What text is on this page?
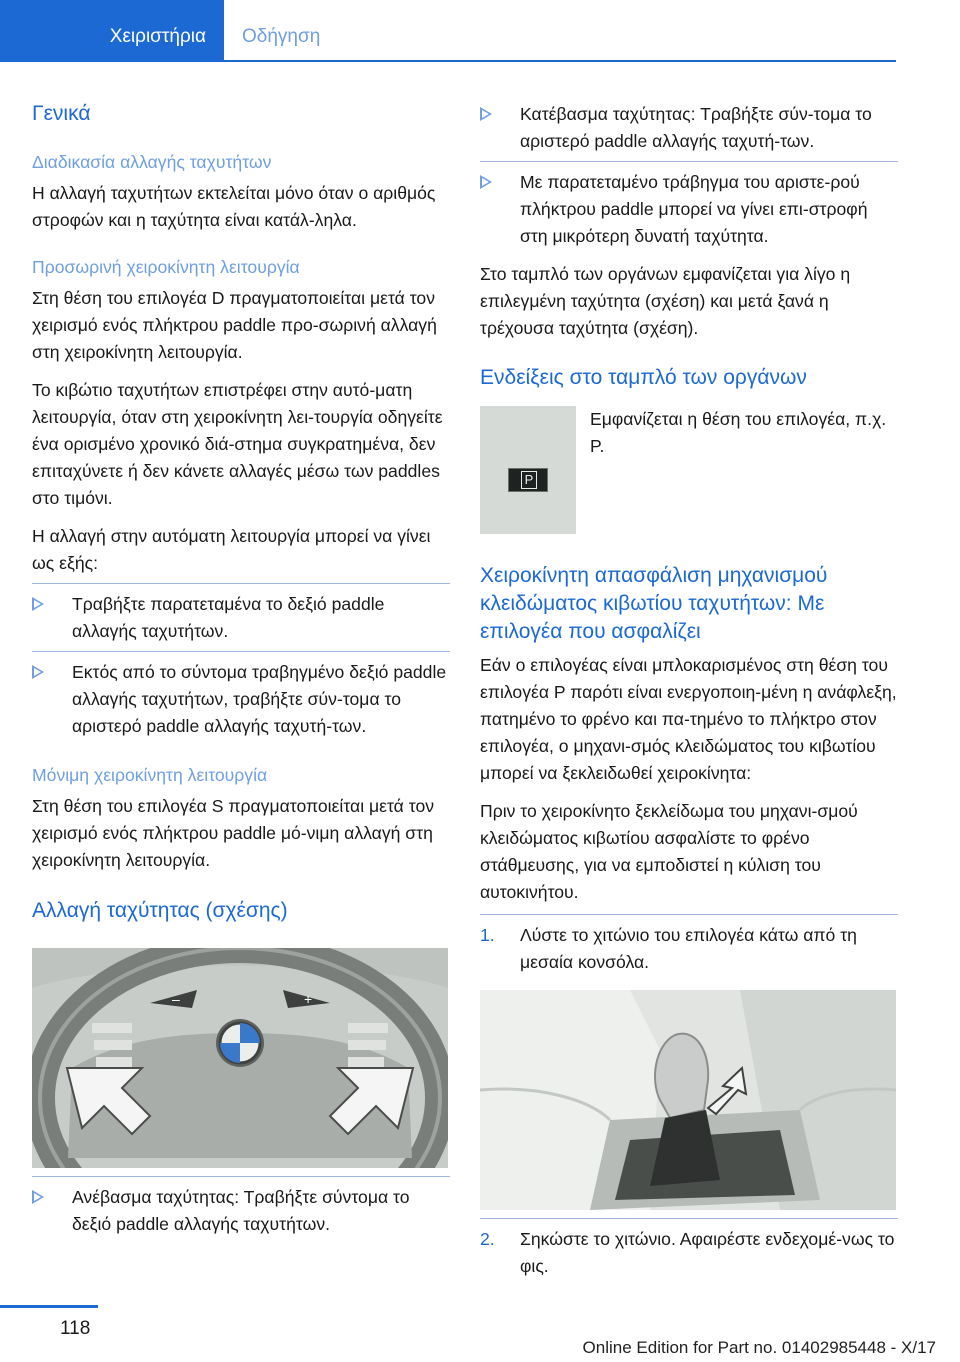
Χειριστήρια Οδήγηση
Γενικά
Διαδικασία αλλαγής ταχυτήτων

Η αλλαγή ταχυτήτων εκτελείται μόνο όταν ο αριθμός στροφών και η ταχύτητα είναι κατάλ-ληλα.

Προσωρινή χειροκίνητη λειτουργία

Στη θέση του επιλογέα D πραγματοποιείται μετά τον χειρισμό ενός πλήκτρου paddle προ-σωρινή αλλαγή στη χειροκίνητη λειτουργία.

Το κιβώτιο ταχυτήτων επιστρέφει στην αυτό-ματη λειτουργία, όταν στη χειροκίνητη λει-τουργία οδηγείτε ένα ορισμένο χρονικό διά-στημα συγκρατημένα, δεν επιταχύνετε ή δεν κάνετε αλλαγές μέσω των paddles στο τιμόνι.

Η αλλαγή στην αυτόματη λειτουργία μπορεί να γίνει ως εξής:

Τραβήξτε παρατεταμένα το δεξιό paddle αλλαγής ταχυτήτων.
Εκτός από το σύντομα τραβηγμένο δεξιό paddle αλλαγής ταχυτήτων, τραβήξτε σύν-τομα το αριστερό paddle αλλαγής ταχυτή-των.
Μόνιμη χειροκίνητη λειτουργία

Στη θέση του επιλογέα S πραγματοποιείται μετά τον χειρισμό ενός πλήκτρου paddle μό-νιμη αλλαγή στη χειροκίνητη λειτουργία.

Αλλαγή ταχύτητας (σχέσης)
–	+
Ανέβασμα ταχύτητας: Τραβήξτε σύντομα το δεξιό paddle αλλαγής ταχυτήτων.
Κατέβασμα ταχύτητας: Τραβήξτε σύν-τομα το αριστερό paddle αλλαγής ταχυτή-των.
Με παρατεταμένο τράβηγμα του αριστε-ρού πλήκτρου paddle μπορεί να γίνει επι-στροφή στη μικρότερη δυνατή ταχύτητα.

Στο ταμπλό των οργάνων εμφανίζεται για λίγο η επιλεγμένη ταχύτητα (σχέση) και μετά ξανά η τρέχουσα ταχύτητα (σχέση).

Ενδείξεις στο ταμπλό των οργάνων
P

Εμφανίζεται η θέση του επιλογέα, π.χ. P.

Χειροκίνητη απασφάλιση μηχανισμού κλειδώματος κιβωτίου ταχυτήτων: Με επιλογέα που ασφαλίζει

Εάν ο επιλογέας είναι μπλοκαρισμένος στη θέση του επιλογέα P παρότι είναι ενεργοποιη-μένη η ανάφλεξη, πατημένο το φρένο και πα-τημένο το πλήκτρο στον επιλογέα, ο μηχανι-σμός κλειδώματος του κιβωτίου μπορεί να ξεκλειδωθεί χειροκίνητα:

Πριν το χειροκίνητο ξεκλείδωμα του μηχανι-σμού κλειδώματος κιβωτίου ασφαλίστε το φρένο στάθμευσης, για να εμποδιστεί η κύλιση του αυτοκινήτου.

1. Λύστε το χιτώνιο του επιλογέα κάτω από τη μεσαία κονσόλα.
2. Σηκώστε το χιτώνιο. Αφαιρέστε ενδεχομέ-νως το φις.
118
Online Edition for Part no. 01402985448 - X/17
